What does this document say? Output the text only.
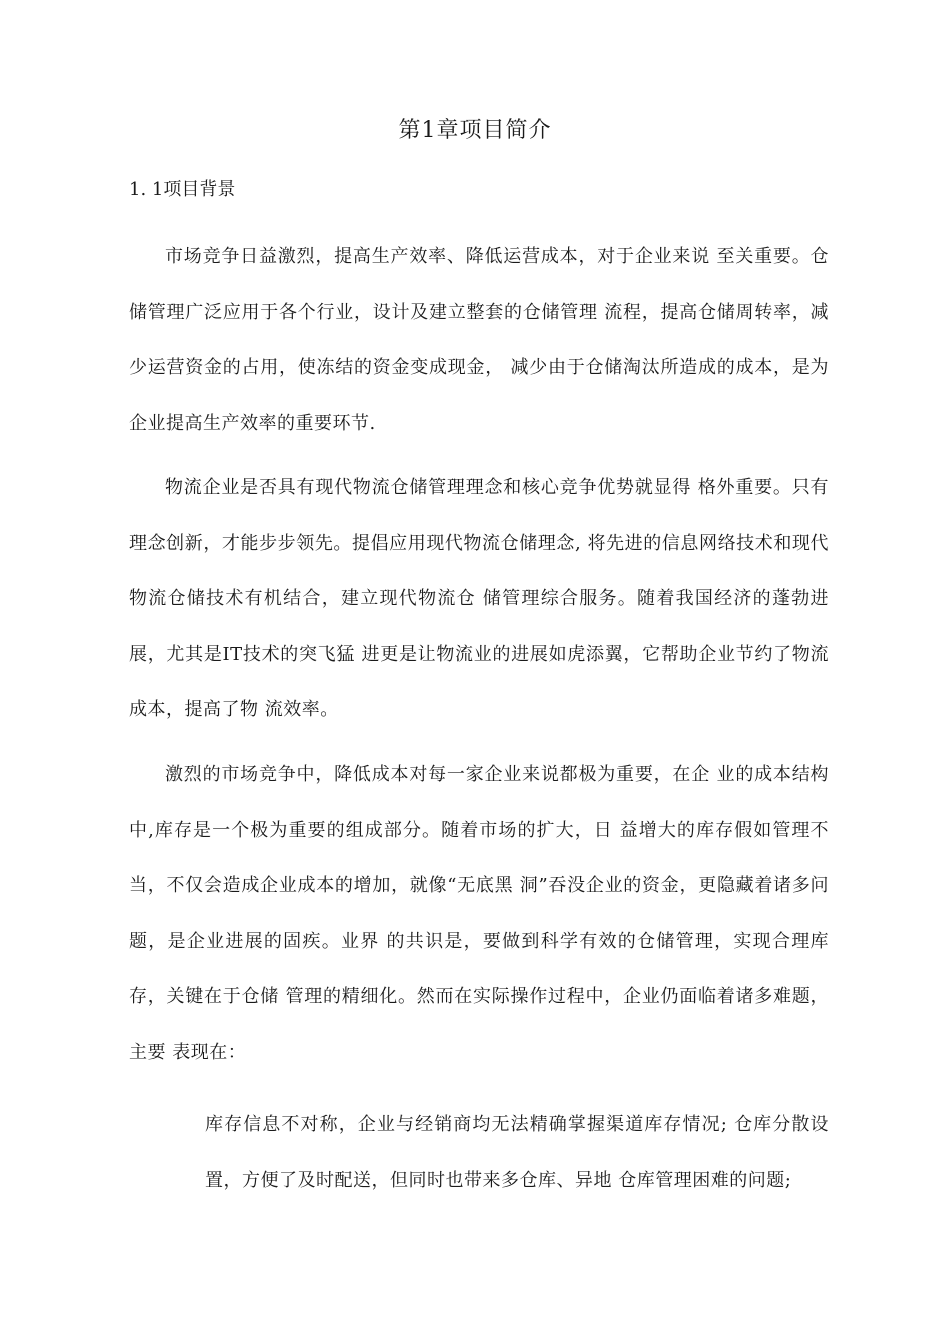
第1章项目简介
1. 1项目背景

市场竞争日益激烈，提高生产效率、降低运营成本，对于企业来说 至关重要。仓储管理广泛应用于各个行业，设计及建立整套的仓储管理 流程，提高仓储周转率，减少运营资金的占用，使冻结的资金变成现金， 减少由于仓储淘汰所造成的成本，是为企业提高生产效率的重要环节.

物流企业是否具有现代物流仓储管理理念和核心竞争优势就显得 格外重要。只有理念创新，才能步步领先。提倡应用现代物流仓储理念, 将先进的信息网络技术和现代物流仓储技术有机结合，建立现代物流仓 储管理综合服务。随着我国经济的蓬勃进展，尤其是IT技术的突飞猛 进更是让物流业的进展如虎添翼，它帮助企业节约了物流成本，提高了物 流效率。

激烈的市场竞争中，降低成本对每一家企业来说都极为重要，在企 业的成本结构中,库存是一个极为重要的组成部分。随着市场的扩大，日 益增大的库存假如管理不当，不仅会造成企业成本的增加，就像“无底黑 洞”吞没企业的资金，更隐藏着诸多问题，是企业进展的固疾。业界 的共识是，要做到科学有效的仓储管理，实现合理库存，关键在于仓储 管理的精细化。然而在实际操作过程中，企业仍面临着诸多难题，主要 表现在：

库存信息不对称，企业与经销商均无法精确掌握渠道库存情况; 仓库分散设置，方便了及时配送，但同时也带来多仓库、异地 仓库管理困难的问题;
